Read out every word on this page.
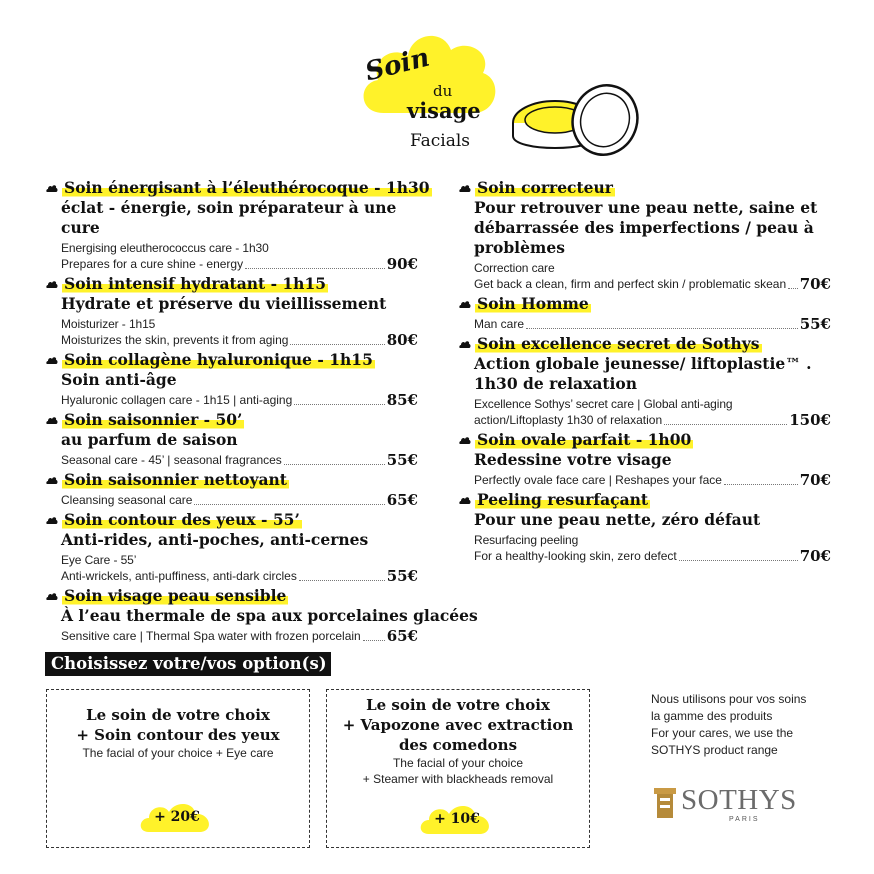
Soin
du
visage
Facials
Soin énergisant à l’éleuthérocoque - 1h30
éclat - énergie, soin préparateur à une cure
Energising eleutherococcus care - 1h30
Prepares for a cure shine - energy	90€
Soin intensif hydratant - 1h15
Hydrate et préserve du vieillissement
Moisturizer - 1h15
Moisturizes the skin, prevents it from aging	80€
Soin collagène hyaluronique - 1h15
Soin anti-âge
Hyaluronic collagen care - 1h15 | anti-aging	85€
Soin saisonnier - 50’
au parfum de saison
Seasonal care - 45’ | seasonal fragrances	55€
Soin saisonnier nettoyant
Cleansing seasonal care	65€
Soin contour des yeux - 55’
Anti-rides, anti-poches, anti-cernes
Eye Care - 55’
Anti-wrickels, anti-puffiness, anti-dark circles	55€
Soin visage peau sensible
À l’eau thermale de spa aux porcelaines glacées
Sensitive care | Thermal Spa water with frozen porcelain 65€
Soin correcteur
Pour retrouver une peau nette, saine et débarrassée des imperfections / peau à problèmes
Correction care
Get back a clean, firm and perfect skin / problematic skean 70€
Soin Homme
Man care	55€
Soin excellence secret de Sothys
Action globale jeunesse/ liftoplastie™ . 1h30 de relaxation
Excellence Sothys’ secret care | Global anti-aging
action/Liftoplasty 1h30 of relaxation	150€
Soin ovale parfait - 1h00
Redessine votre visage
Perfectly ovale face care | Reshapes your face	70€
Peeling resurfaçant
Pour une peau nette, zéro défaut
Resurfacing peeling
For a healthy-looking skin, zero defect	70€
Choisissez votre/vos option(s)
Le soin de votre choix
+ Soin contour des yeux
The facial of your choice + Eye care
+ 20€
Le soin de votre choix
+ Vapozone avec extraction
des comedons
The facial of your choice
+ Steamer with blackheads removal
+ 10€
Nous utilisons pour vos soins
la gamme des produits
For your cares, we use the
SOTHYS product range
SOTHYS
PARIS
